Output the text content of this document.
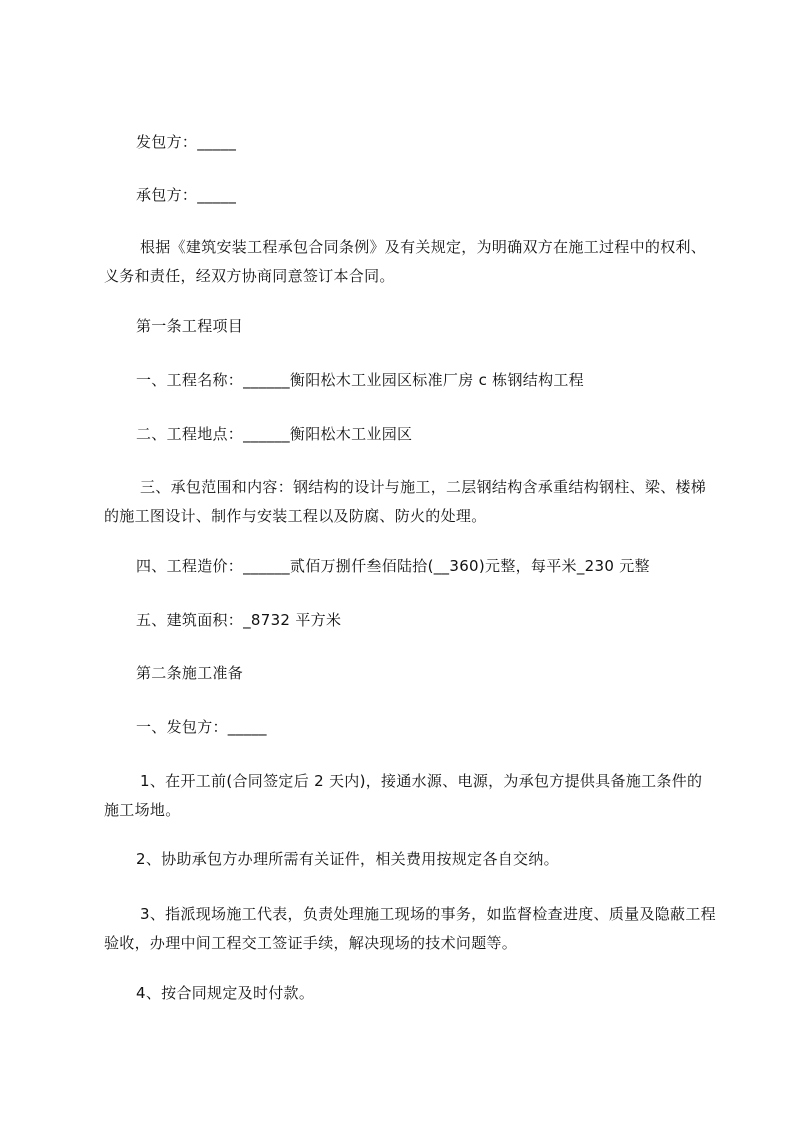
发包方：_____
承包方：_____
根据《建筑安装工程承包合同条例》及有关规定，为明确双方在施工过程中的权利、义务和责任，经双方协商同意签订本合同。
第一条工程项目
一、工程名称：______衡阳松木工业园区标准厂房 c 栋钢结构工程
二、工程地点：______衡阳松木工业园区
三、承包范围和内容：钢结构的设计与施工，二层钢结构含承重结构钢柱、梁、楼梯的施工图设计、制作与安装工程以及防腐、防火的处理。
四、工程造价：______贰佰万捌仟叁佰陆拾(__360)元整，每平米_230 元整
五、建筑面积：_8732 平方米
第二条施工准备
一、发包方：_____
1、在开工前(合同签定后 2 天内)，接通水源、电源，为承包方提供具备施工条件的施工场地。
2、协助承包方办理所需有关证件，相关费用按规定各自交纳。
3、指派现场施工代表，负责处理施工现场的事务，如监督检查进度、质量及隐蔽工程验收，办理中间工程交工签证手续，解决现场的技术问题等。
4、按合同规定及时付款。
